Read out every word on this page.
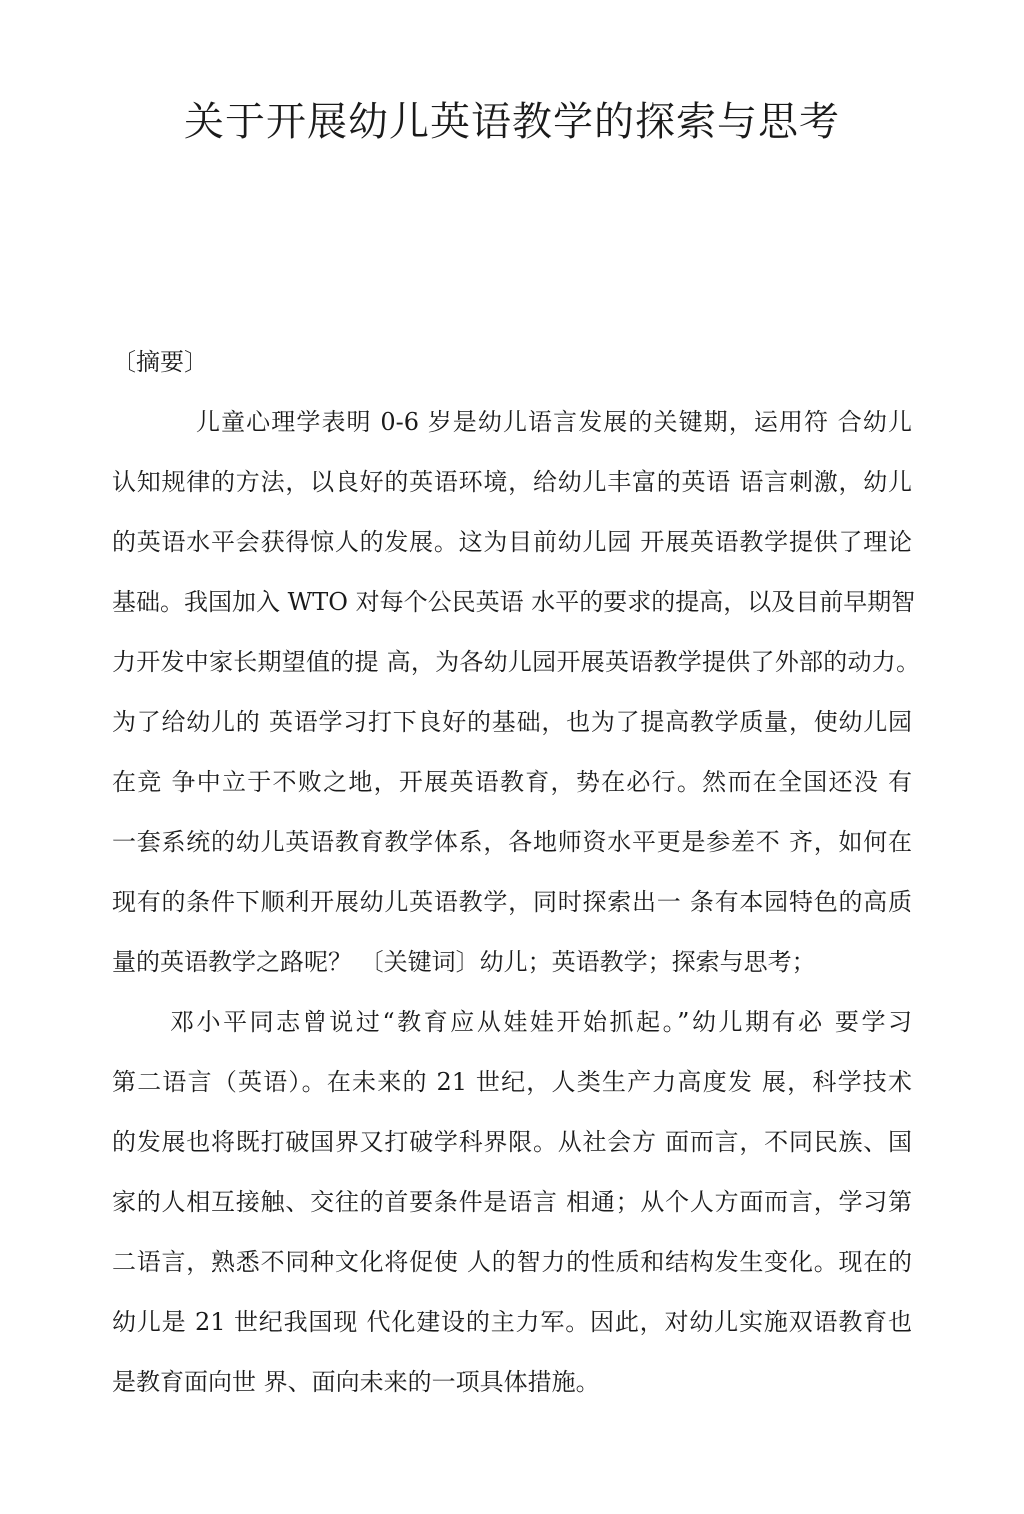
关于开展幼儿英语教学的探索与思考

〔摘要〕

儿童心理学表明 0-6 岁是幼儿语言发展的关键期，运用符 合幼儿

认知规律的方法，以良好的英语环境，给幼儿丰富的英语 语言刺激，幼儿

的英语水平会获得惊人的发展。这为目前幼儿园 开展英语教学提供了理论

基础。我国加入 WTO 对每个公民英语 水平的要求的提高，以及目前早期智

力开发中家长期望值的提 高，为各幼儿园开展英语教学提供了外部的动力。

为了给幼儿的 英语学习打下良好的基础，也为了提高教学质量，使幼儿园

在竞 争中立于不败之地，开展英语教育，势在必行。然而在全国还没 有

一套系统的幼儿英语教育教学体系，各地师资水平更是参差不 齐，如何在

现有的条件下顺利开展幼儿英语教学，同时探索出一 条有本园特色的高质

量的英语教学之路呢？ 〔关键词〕幼儿；英语教学；探索与思考；

邓小平同志曾说过“教育应从娃娃开始抓起。”幼儿期有必 要学习

第二语言（英语）。在未来的 21 世纪，人类生产力高度发 展，科学技术

的发展也将既打破国界又打破学科界限。从社会方 面而言，不同民族、国

家的人相互接触、交往的首要条件是语言 相通；从个人方面而言，学习第

二语言，熟悉不同种文化将促使 人的智力的性质和结构发生变化。现在的

幼儿是 21 世纪我国现 代化建设的主力军。因此，对幼儿实施双语教育也

是教育面向世 界、面向未来的一项具体措施。
